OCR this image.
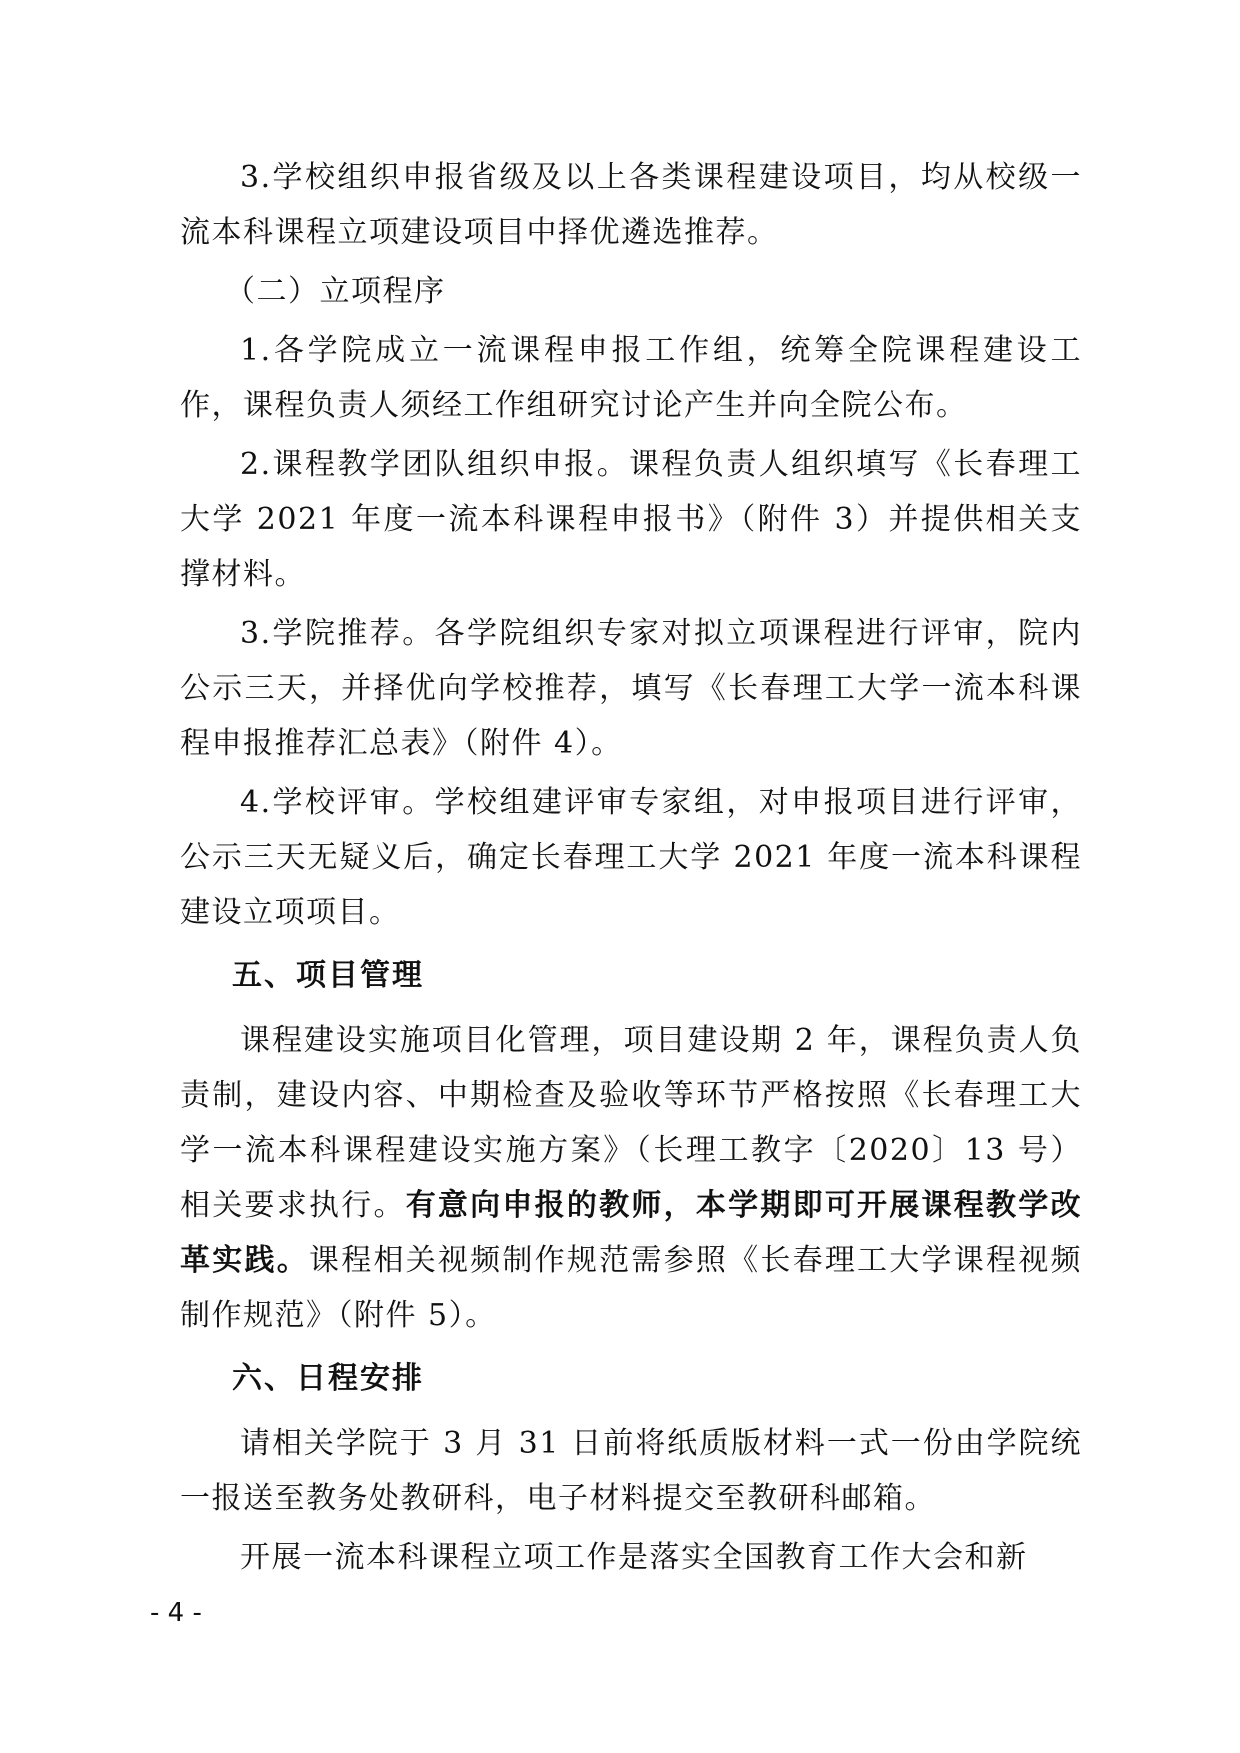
3.学校组织申报省级及以上各类课程建设项目，均从校级一流本科课程立项建设项目中择优遴选推荐。

（二）立项程序

1.各学院成立一流课程申报工作组，统筹全院课程建设工作，课程负责人须经工作组研究讨论产生并向全院公布。

2.课程教学团队组织申报。课程负责人组织填写《长春理工大学 2021 年度一流本科课程申报书》（附件 3）并提供相关支撑材料。

3.学院推荐。各学院组织专家对拟立项课程进行评审，院内公示三天，并择优向学校推荐，填写《长春理工大学一流本科课程申报推荐汇总表》（附件 4）。

4.学校评审。学校组建评审专家组，对申报项目进行评审，公示三天无疑义后，确定长春理工大学 2021 年度一流本科课程建设立项项目。

五、项目管理

课程建设实施项目化管理，项目建设期 2 年，课程负责人负责制，建设内容、中期检查及验收等环节严格按照《长春理工大学一流本科课程建设实施方案》（长理工教字〔2020〕13 号）相关要求执行。有意向申报的教师，本学期即可开展课程教学改革实践。课程相关视频制作规范需参照《长春理工大学课程视频制作规范》（附件 5）。

六、日程安排

请相关学院于 3 月 31 日前将纸质版材料一式一份由学院统一报送至教务处教研科，电子材料提交至教研科邮箱。

开展一流本科课程立项工作是落实全国教育工作大会和新

- 4 -
